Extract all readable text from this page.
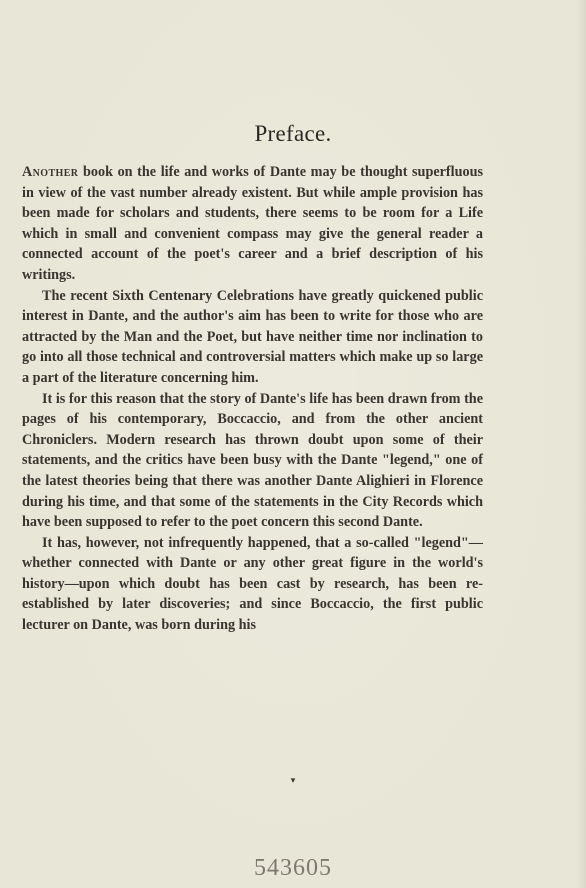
Preface.

Another book on the life and works of Dante may be thought superfluous in view of the vast number already existent. But while ample provision has been made for scholars and students, there seems to be room for a Life which in small and convenient compass may give the general reader a connected account of the poet's career and a brief description of his writings.

The recent Sixth Centenary Celebrations have greatly quickened public interest in Dante, and the author's aim has been to write for those who are attracted by the Man and the Poet, but have neither time nor inclination to go into all those technical and controversial matters which make up so large a part of the literature concerning him.

It is for this reason that the story of Dante's life has been drawn from the pages of his contemporary, Boccaccio, and from the other ancient Chroniclers. Modern research has thrown doubt upon some of their statements, and the critics have been busy with the Dante "legend," one of the latest theories being that there was another Dante Alighieri in Florence during his time, and that some of the statements in the City Records which have been supposed to refer to the poet concern this second Dante.

It has, however, not infrequently happened, that a so-called "legend"—whether connected with Dante or any other great figure in the world's history—upon which doubt has been cast by research, has been re-established by later discoveries; and since Boccaccio, the first public lecturer on Dante, was born during his

▾
543605
